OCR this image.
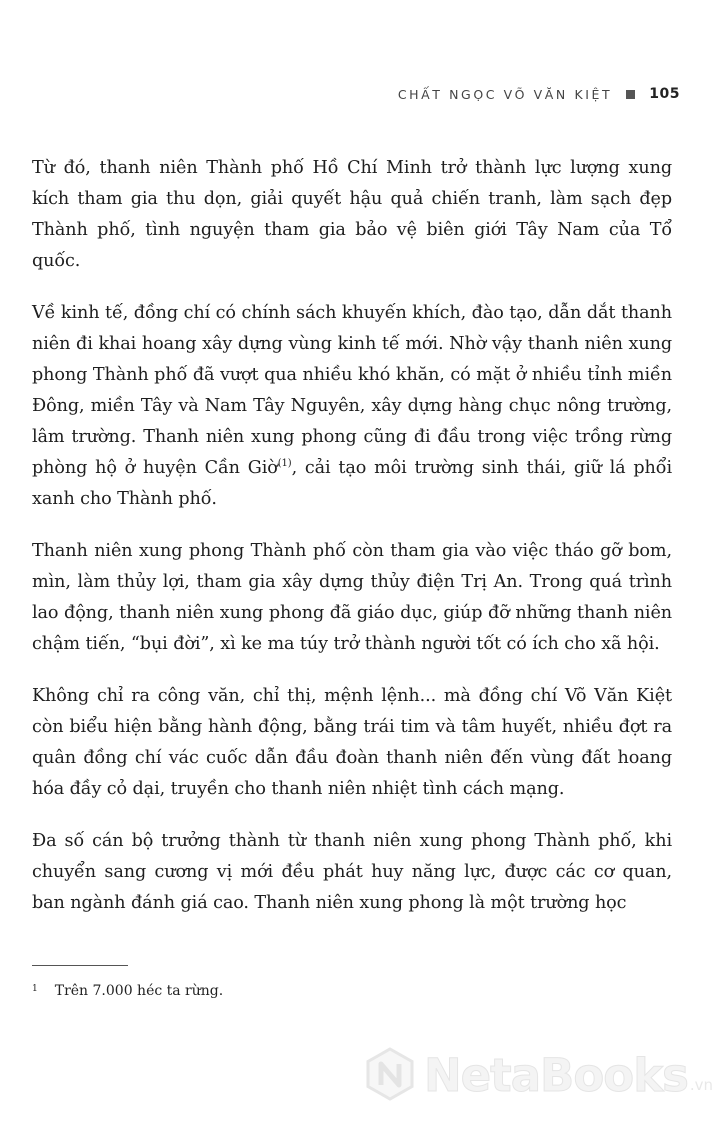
CHẤT NGỌC VÕ VĂN KIỆT	105

Từ đó, thanh niên Thành phố Hồ Chí Minh trở thành lực lượng xung kích tham gia thu dọn, giải quyết hậu quả chiến tranh, làm sạch đẹp Thành phố, tình nguyện tham gia bảo vệ biên giới Tây Nam của Tổ quốc.

Về kinh tế, đồng chí có chính sách khuyến khích, đào tạo, dẫn dắt thanh niên đi khai hoang xây dựng vùng kinh tế mới. Nhờ vậy thanh niên xung phong Thành phố đã vượt qua nhiều khó khăn, có mặt ở nhiều tỉnh miền Đông, miền Tây và Nam Tây Nguyên, xây dựng hàng chục nông trường, lâm trường. Thanh niên xung phong cũng đi đầu trong việc trồng rừng phòng hộ ở huyện Cần Giờ$^{(1)}$, cải tạo môi trường sinh thái, giữ lá phổi xanh cho Thành phố.

Thanh niên xung phong Thành phố còn tham gia vào việc tháo gỡ bom, mìn, làm thủy lợi, tham gia xây dựng thủy điện Trị An. Trong quá trình lao động, thanh niên xung phong đã giáo dục, giúp đỡ những thanh niên chậm tiến, “bụi đời”, xì ke ma túy trở thành người tốt có ích cho xã hội.

Không chỉ ra công văn, chỉ thị, mệnh lệnh... mà đồng chí Võ Văn Kiệt còn biểu hiện bằng hành động, bằng trái tim và tâm huyết, nhiều đợt ra quân đồng chí vác cuốc dẫn đầu đoàn thanh niên đến vùng đất hoang hóa đầy cỏ dại, truyền cho thanh niên nhiệt tình cách mạng.

Đa số cán bộ trưởng thành từ thanh niên xung phong Thành phố, khi chuyển sang cương vị mới đều phát huy năng lực, được các cơ quan, ban ngành đánh giá cao. Thanh niên xung phong là một trường học

1 Trên 7.000 héc ta rừng.
NetaBooks .vn
